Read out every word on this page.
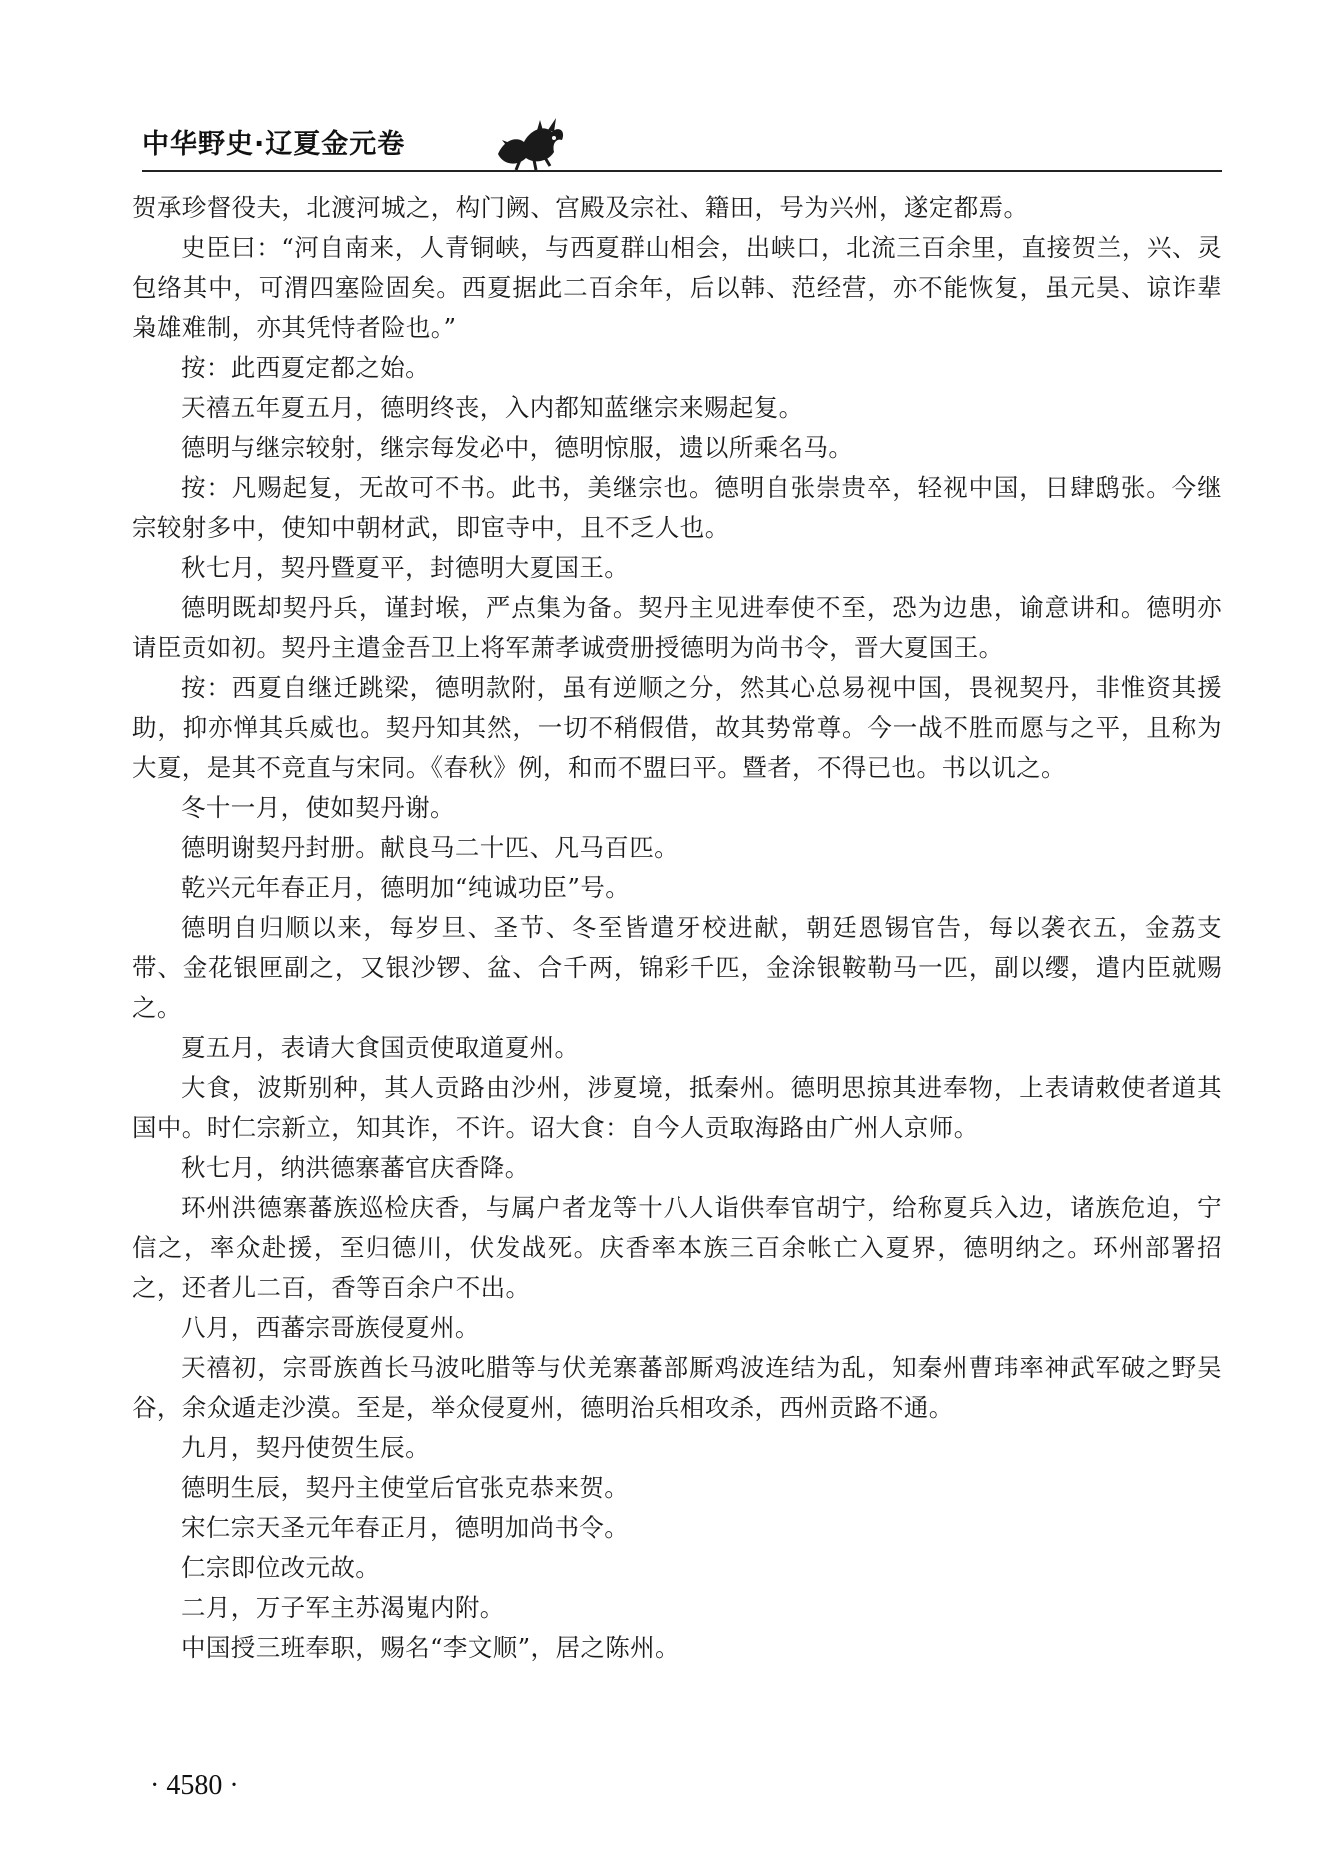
中华野史·辽夏金元卷

贺承珍督役夫，北渡河城之，构门阙、宫殿及宗社、籍田，号为兴州，遂定都焉。

史臣曰：“河自南来，人青铜峡，与西夏群山相会，出峡口，北流三百余里，直接贺兰，兴、灵包络其中，可渭四塞险固矣。西夏据此二百余年，后以韩、范经营，亦不能恢复，虽元昊、谅诈辈枭雄难制，亦其凭恃者险也。”

按：此西夏定都之始。

天禧五年夏五月，德明终丧，入内都知蓝继宗来赐起复。

德明与继宗较射，继宗每发必中，德明惊服，遗以所乘名马。

按：凡赐起复，无故可不书。此书，美继宗也。德明自张崇贵卒，轻视中国，日肆鸱张。今继宗较射多中，使知中朝材武，即宦寺中，且不乏人也。

秋七月，契丹暨夏平，封德明大夏国王。

德明既却契丹兵，谨封堠，严点集为备。契丹主见进奉使不至，恐为边患，谕意讲和。德明亦请臣贡如初。契丹主遣金吾卫上将军萧孝诚赍册授德明为尚书令，晋大夏国王。

按：西夏自继迁跳梁，德明款附，虽有逆顺之分，然其心总易视中国，畏视契丹，非惟资其援助，抑亦惮其兵威也。契丹知其然，一切不稍假借，故其势常尊。今一战不胜而愿与之平，且称为大夏，是其不竞直与宋同。《春秋》例，和而不盟曰平。暨者，不得已也。书以讥之。

冬十一月，使如契丹谢。

德明谢契丹封册。献良马二十匹、凡马百匹。

乾兴元年春正月，德明加“纯诚功臣”号。

德明自归顺以来，每岁旦、圣节、冬至皆遣牙校进献，朝廷恩锡官告，每以袭衣五，金荔支带、金花银匣副之，又银沙锣、盆、合千两，锦彩千匹，金涂银鞍勒马一匹，副以缨，遣内臣就赐之。

夏五月，表请大食国贡使取道夏州。

大食，波斯别种，其人贡路由沙州，涉夏境，抵秦州。德明思掠其进奉物，上表请敕使者道其国中。时仁宗新立，知其诈，不许。诏大食：自今人贡取海路由广州人京师。

秋七月，纳洪德寨蕃官庆香降。

环州洪德寨蕃族巡检庆香，与属户者龙等十八人诣供奉官胡宁，给称夏兵入边，诸族危迫，宁信之，率众赴援，至归德川，伏发战死。庆香率本族三百余帐亡入夏界，德明纳之。环州部署招之，还者儿二百，香等百余户不出。

八月，西蕃宗哥族侵夏州。

天禧初，宗哥族酋长马波叱腊等与伏羌寨蕃部厮鸡波连结为乱，知秦州曹玮率神武军破之野吴谷，余众遁走沙漠。至是，举众侵夏州，德明治兵相攻杀，西州贡路不通。

九月，契丹使贺生辰。

德明生辰，契丹主使堂后官张克恭来贺。

宋仁宗天圣元年春正月，德明加尚书令。

仁宗即位改元故。

二月，万子军主苏渴嵬内附。

中国授三班奉职，赐名“李文顺”，居之陈州。

· 4580 ·
